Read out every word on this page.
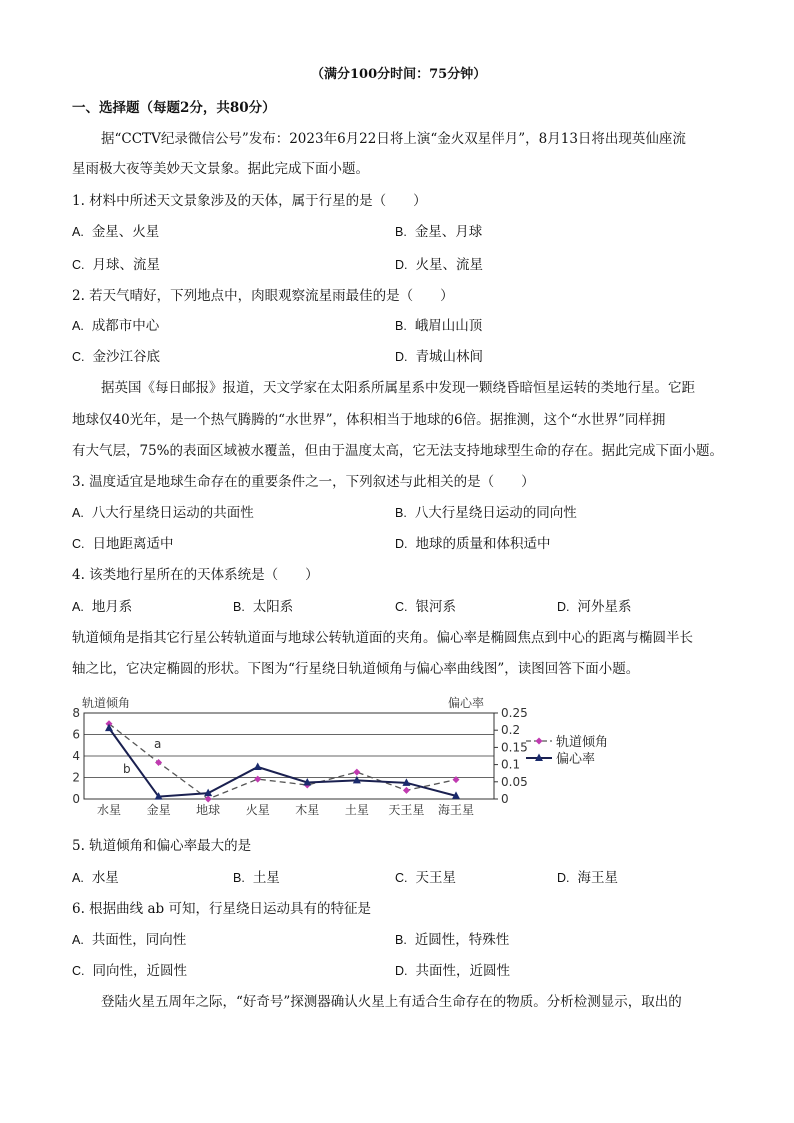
（满分100分时间：75分钟）
一、选择题（每题2分，共80分）
据“CCTV纪录微信公号”发布：2023年6月22日将上演“金火双星伴月”，8月13日将出现英仙座流
星雨极大夜等美妙天文景象。据此完成下面小题。
1. 材料中所述天文景象涉及的天体，属于行星的是（　　）
A. 金星、火星	B. 金星、月球
C. 月球、流星	D. 火星、流星
2. 若天气晴好，下列地点中，肉眼观察流星雨最佳的是（　　）
A. 成都市中心	B. 峨眉山山顶
C. 金沙江谷底	D. 青城山林间
据英国《每日邮报》报道，天文学家在太阳系所属星系中发现一颗绕昏暗恒星运转的类地行星。它距
地球仅40光年，是一个热气腾腾的“水世界”，体积相当于地球的6倍。据推测，这个“水世界”同样拥
有大气层，75%的表面区域被水覆盖，但由于温度太高，它无法支持地球型生命的存在。据此完成下面小题。
3. 温度适宜是地球生命存在的重要条件之一，下列叙述与此相关的是（　　）
A. 八大行星绕日运动的共面性	B. 八大行星绕日运动的同向性
C. 日地距离适中	D. 地球的质量和体积适中
4. 该类地行星所在的天体系统是（　　）
A. 地月系	B. 太阳系	C. 银河系	D. 河外星系
轨道倾角是指其它行星公转轨道面与地球公转轨道面的夹角。偏心率是椭圆焦点到中心的距离与椭圆半长
轴之比，它决定椭圆的形状。下图为“行星绕日轨道倾角与偏心率曲线图”，读图回答下面小题。
轨道倾角	偏心率
8
6
4
2
0
0.25
0.2
0.15
0.1
0.05
0
水星 金星 地球 火星 木星 土星 天王星 海王星
a
b
轨道倾角
偏心率
5. 轨道倾角和偏心率最大的是
A. 水星	B. 土星	C. 天王星	D. 海王星
6. 根据曲线 ab 可知，行星绕日运动具有的特征是
A. 共面性，同向性	B. 近圆性，特殊性
C. 同向性，近圆性	D. 共面性，近圆性
登陆火星五周年之际，“好奇号”探测器确认火星上有适合生命存在的物质。分析检测显示，取出的
